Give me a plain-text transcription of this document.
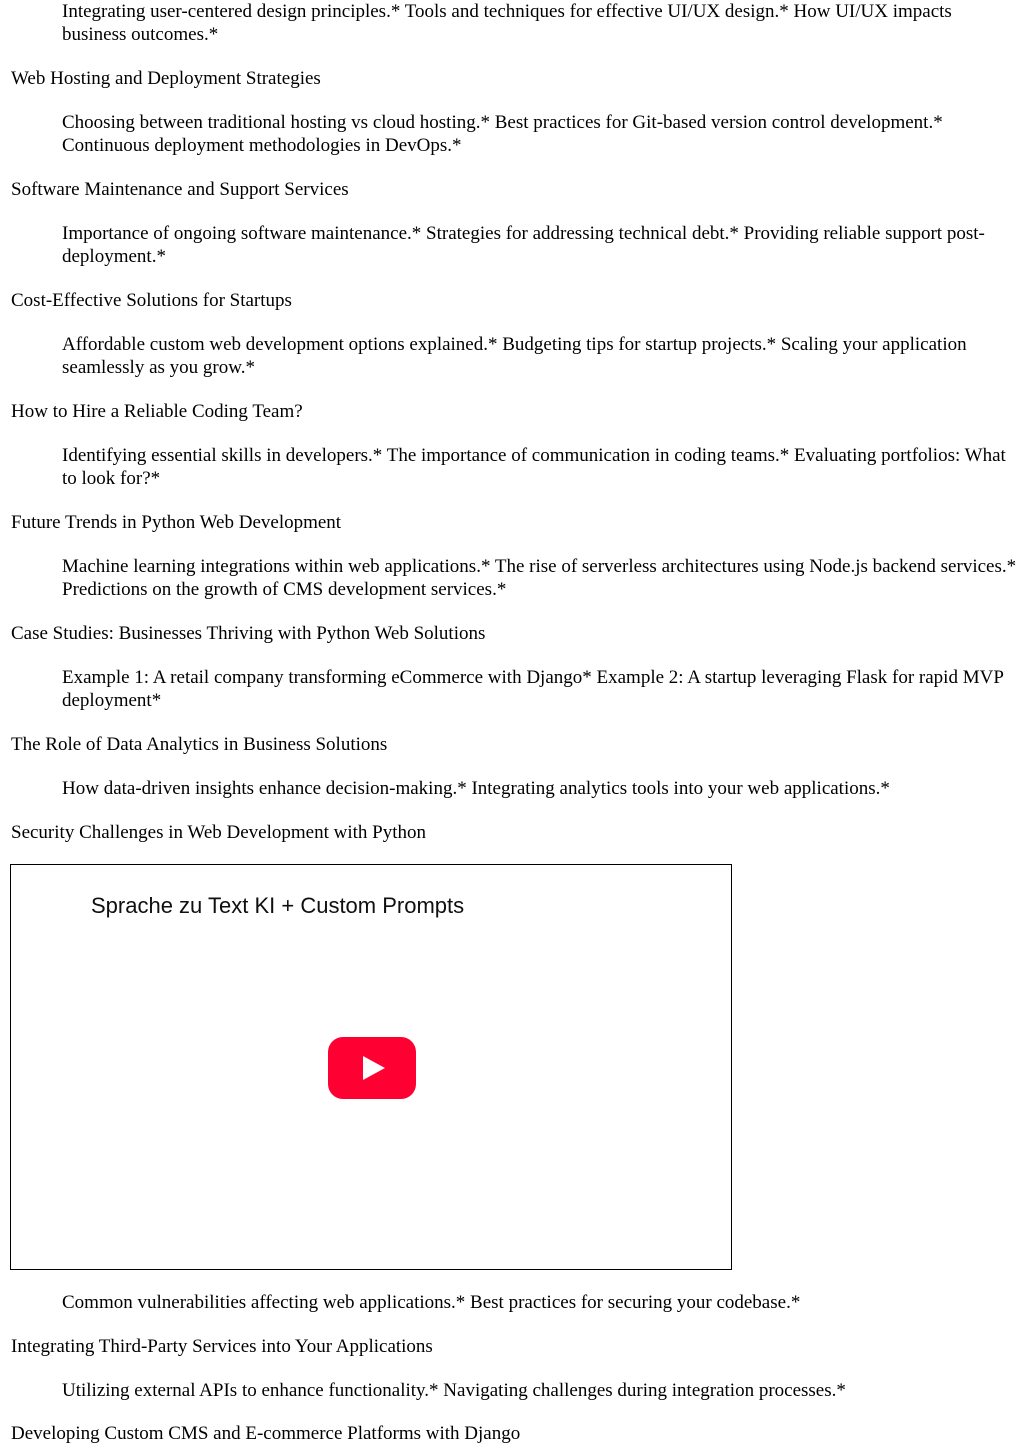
Integrating user-centered design principles.* Tools and techniques for effective UI/UX design.* How UI/UX impacts business outcomes.*

Web Hosting and Deployment Strategies

Choosing between traditional hosting vs cloud hosting.* Best practices for Git-based version control development.* Continuous deployment methodologies in DevOps.*

Software Maintenance and Support Services

Importance of ongoing software maintenance.* Strategies for addressing technical debt.* Providing reliable support post-deployment.*

Cost-Effective Solutions for Startups

Affordable custom web development options explained.* Budgeting tips for startup projects.* Scaling your application seamlessly as you grow.*

How to Hire a Reliable Coding Team?

Identifying essential skills in developers.* The importance of communication in coding teams.* Evaluating portfolios: What to look for?*

Future Trends in Python Web Development

Machine learning integrations within web applications.* The rise of serverless architectures using Node.js backend services.* Predictions on the growth of CMS development services.*

Case Studies: Businesses Thriving with Python Web Solutions

Example 1: A retail company transforming eCommerce with Django* Example 2: A startup leveraging Flask for rapid MVP deployment*

The Role of Data Analytics in Business Solutions

How data-driven insights enhance decision-making.* Integrating analytics tools into your web applications.*

Security Challenges in Web Development with Python
Sprache zu Text KI + Custom Prompts

Common vulnerabilities affecting web applications.* Best practices for securing your codebase.*

Integrating Third-Party Services into Your Applications

Utilizing external APIs to enhance functionality.* Navigating challenges during integration processes.*

Developing Custom CMS and E-commerce Platforms with Django
